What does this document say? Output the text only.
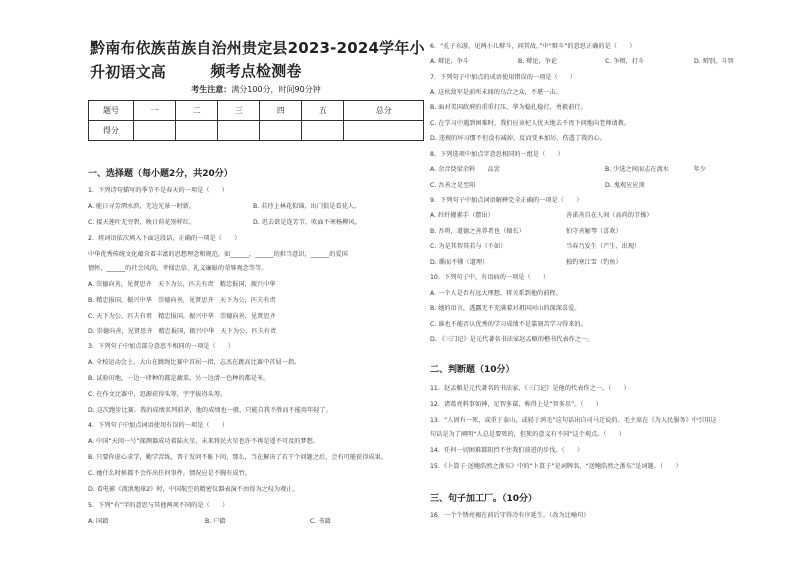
黔南布依族苗族自治州贵定县2023-2024学年小升初语文高	频考点检测卷
考生注意：满分100分，时间90分钟
题号	一	二	三	四	五	总分
得分						
一、选择题（每小题2分，共20分）
1．下列诗句描写的季节不是春天的一项是（　　）
A. 能日寻芳泗水滨，无边光景一时新。	B. 若待上林花似锦，出门俱是看花人。
C. 接天莲叶无穷碧，映日荷花别样红。	D. 迟去欲是连芳节，吹面不寒杨柳风。
2．将词语依次填入下面这段话，正确的一项是（　　）
中华优秀传统文化蕴含着丰富的思想理念和规范，如______，______的担当意识，______的爱国
情怀，______的社会风尚，孝悌忠信、礼义廉耻的荣辱观念等等。
A. 崇德向善，见贤思齐　天下为公，匹夫有责　精忠报国，振兴中华
B. 精忠报国，振兴中华　崇德向善，见贤思齐　天下为公，匹夫有责
C. 天下为公，匹夫有责　精忠报国，振兴中华　崇德向善，见贤思齐
D. 崇德向善，见贤思齐　精忠报国，振兴中华　天下为公，匹夫有责
3．下列句子中加点部分意思不相同的一项是（　　）
A. 全校运动会上，大山在跳绳比赛中首屈一指，志杰在跳高比赛中首屈一指。
B. 试验田地，一边一律种的都是蔬菜，另一边清一色种的都是米。
C. 在作文比赛中，思源获得头筹，宇宇拔得头筹。
D. 这次跑步比赛，我的成绩名列前茅，他的成绩也一般，只能自我不胜而不能用年轻了。
4．下列句子中加点词语使用有误的一项是（　　）
A. 中国“天问一号”探测器成功着陆火星，未来将民火星也许不再是遥不可及的梦想。
B. 只要你虚心求学，勤学苦练，普于发问不耻下问，那么，当在解决了若干个问题之后，会有可能获得成果。
C. 她什么时候都不会作出任何事件，情况应是不胸有成竹。
D. 看电影《流浪地球2》时，中国航空的精密仪器表演不由得为之叹为观止。
5．下列“有”字的意思与其他两项不同的是（　　）
A. 国籍	B. 户籍	C. 书籍
6．“孔子东游，见两小儿辩斗，问其故。”中“辩斗”的意思正确的是（　　）
A. 辩论，争斗	B. 辩论，争论	C. 争辩，打斗	D. 辩别，斗智
7．下列句子中加点的成语使用错误的一项是（　　）
A. 这伙敌军是前所未闻的乌合之众，不堪一击。
B. 面对美国政府的重重打压，华为稳扎稳打，勇毅前行。
C. 在学习中遇到困难时，我们应该杞人忧天地去不畏下问地向老师请教。
D. 违规的坏习惯不但没有减掉，反而变本加厉，伤透了我的心。
8．下列选项中加点字意思相同的一组是（　　）
A. 余音绕梁余料　　品尝	B. 少选之间而志在流水　　　　年少
C. 吾善之是至阳	D. 鬼观应应顶
9．下列句子中加点词语解释完全正确的一项是（　　）
A. 纤纤擢素手（摆出）	善诺善自在人间（高尚的节操）
B. 吾将，道德之善养者也（擅长）	怕守善解琴（喜欢）
C. 为是其智其若与（不如）	当春乃发生（产生、出现）
D. 循而不懂（道理）	独钓寒江雪（钓鱼）
10．下列句子中，有语病的一项是（　　）
A. 一个人是否有远大理想，将关系到他的前程。
B. 她的语言，透露无不充满着对祖国河山的深深喜爱。
C. 谁也不能否认优秀的学习成绩不是靠刻苦学习得来的。
D. 《三门记》是元代著名书法家赵孟頫的楷书代表作之一。
二、判断题（10分）
11．赵孟頫是元代著名的书法家，《三门记》是他的代表作之一。（　　）
12．诸葛亮料事如神，足智多谋，称得上是“智多星”。（　　）
13．“人固有一死，或重于泰山，或轻于鸿毛”这句话出自司马迁说的。毛主席在《为人民服务》中引用这
句话是为了阐明“人总是要死的，但死的意义有不同”这个观点。（　　）
14．任何一切困难都阻挡不住我们前进的步伐。（　　）
15．《卜算子·送鲍浩然之浙东》中的“卜算子”是词牌名，“送鲍浩然之浙东”是词题。（　　）
三、句子加工厂。（10分）
16．一个个锈亮褐在前后守得冷有序延生。（改为比喻句）
